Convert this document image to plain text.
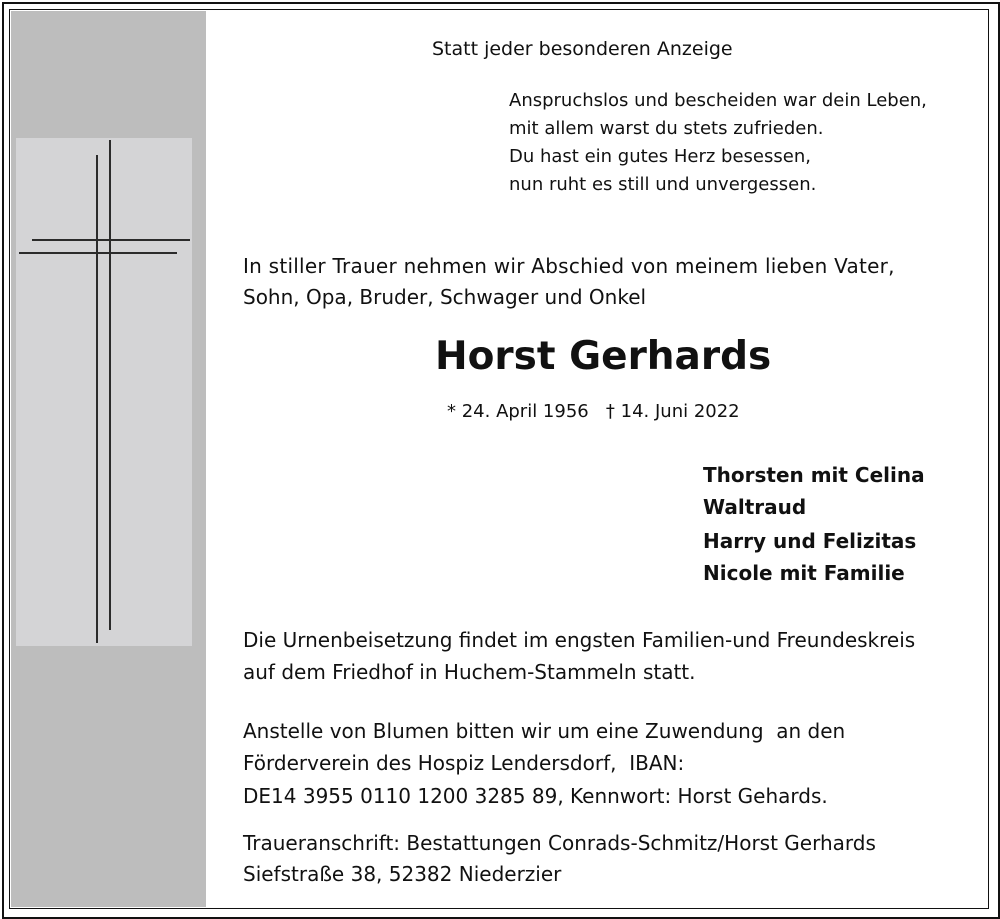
Statt jeder besonderen Anzeige
Anspruchslos und bescheiden war dein Leben,
mit allem warst du stets zufrieden.
Du hast ein gutes Herz besessen,
nun ruht es still und unvergessen.
In stiller Trauer nehmen wir Abschied von meinem lieben Vater,
Sohn, Opa, Bruder, Schwager und Onkel
Horst Gerhards
* 24. April 1956   † 14. Juni 2022
Thorsten mit Celina
Waltraud
Harry und Felizitas
Nicole mit Familie
Die Urnenbeisetzung findet im engsten Familien-und Freundeskreis
auf dem Friedhof in Huchem-Stammeln statt.
Anstelle von Blumen bitten wir um eine Zuwendung  an den
Förderverein des Hospiz Lendersdorf,  IBAN:
DE14 3955 0110 1200 3285 89, Kennwort: Horst Gehards.
Traueranschrift: Bestattungen Conrads-Schmitz/Horst Gerhards
Siefstraße 38, 52382 Niederzier
